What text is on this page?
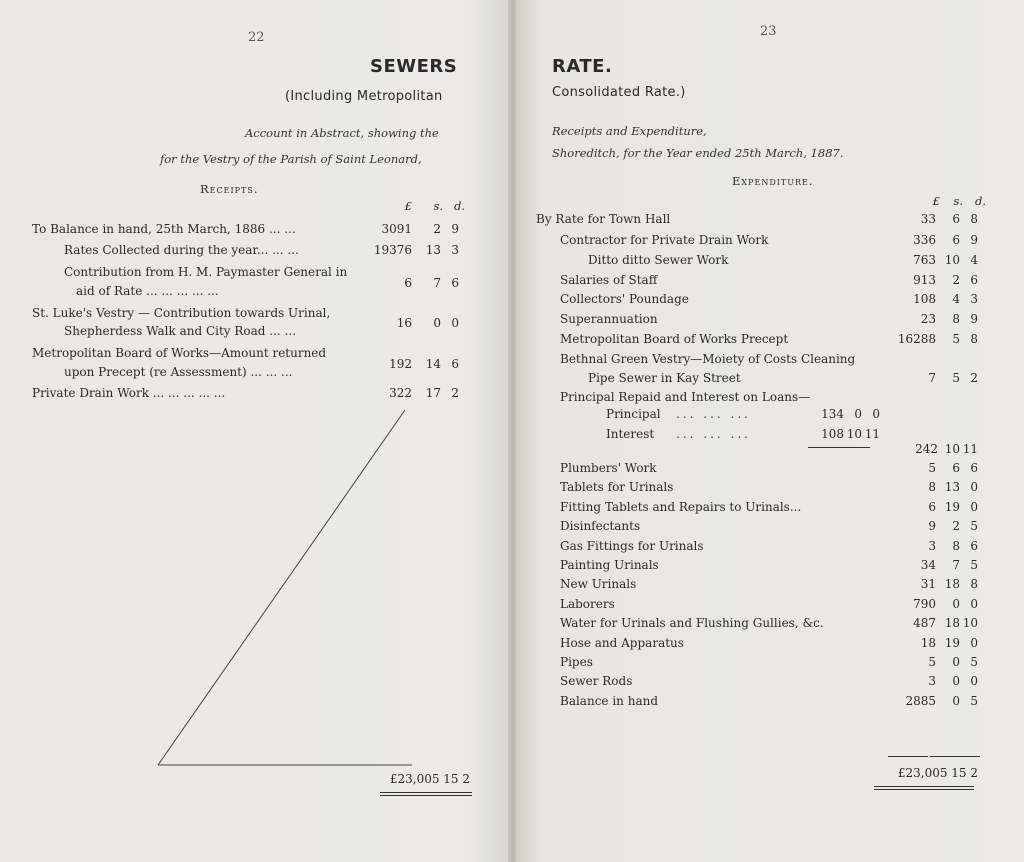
22
SEWERS
(Including Metropolitan
Account in Abstract, showing the
for the Vestry of the Parish of Saint Leonard,
Receipts.
£	s. d.
To Balance in hand, 25th March, 1886 ... ...	3091	2 9
Rates Collected during the year... ... ...	19376	13 3
Contribution from H. M. Paymaster General in
aid of Rate ... ... ... ... ...
6	7 6
St. Luke's Vestry — Contribution towards Urinal,
Shepherdess Walk and City Road ... ...
16	0 0
Metropolitan Board of Works—Amount returned
upon Precept (re Assessment) ... ... ...
192	14 6
Private Drain Work ... ... ... ... ...	322	17 2
£23,005 15 2
23
RATE.
Consolidated Rate.)
Receipts and Expenditure,
Shoreditch, for the Year ended 25th March, 1887.
Expenditure.
£	s.	d.
By Rate for Town Hall	33	6 8
Contractor for Private Drain Work	336	6 9
Ditto ditto Sewer Work	763 10 4
Salaries of Staff	913	2 6
Collectors' Poundage	108	4 3
Superannuation	23	8 9
Metropolitan Board of Works Precept	16288	5 8
Bethnal Green Vestry—Moiety of Costs Cleaning
Pipe Sewer in Kay Street	7	5 2
Principal Repaid and Interest on Loans—
Principal ... ... ...	134 0 0
Interest ... ... ...	108 10 11
242 10 11
Plumbers' Work	5	6 6
Tablets for Urinals	8 13 0
Fitting Tablets and Repairs to Urinals...	6 19 0
Disinfectants	9	2 5
Gas Fittings for Urinals	3	8 6
Painting Urinals	34	7 5
New Urinals	31 18 8
Laborers	790	0 0
Water for Urinals and Flushing Gullies, &c.	487 18 10
Hose and Apparatus	18 19 0
Pipes	5	0 5
Sewer Rods	3	0 0
Balance in hand	2885	0 5
£23,005 15 2
